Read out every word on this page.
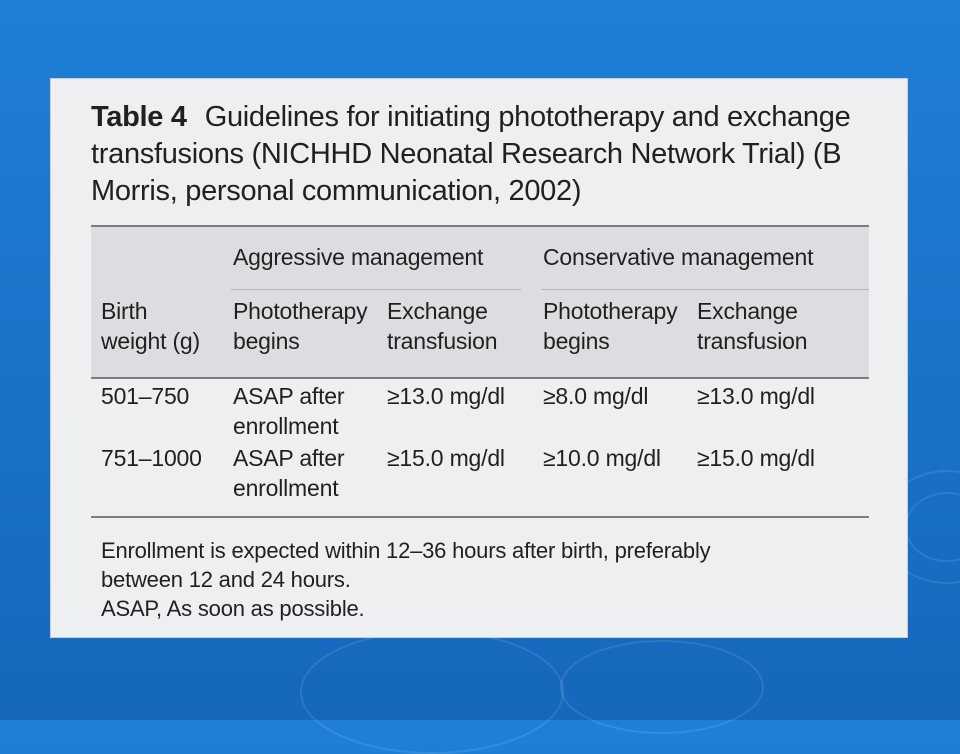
Table 4 Guidelines for initiating phototherapy and exchange transfusions (NICHHD Neonatal Research Network Trial) (B Morris, personal communication, 2002)
Aggressive management	Conservative management
Birth
weight (g)
Phototherapy
begins
Exchange
transfusion
Phototherapy
begins
Exchange
transfusion
501–750 ASAP after
enrollment
≥13.0 mg/dl ≥8.0 mg/dl ≥13.0 mg/dl
751–1000 ASAP after
enrollment
≥15.0 mg/dl ≥10.0 mg/dl ≥15.0 mg/dl
Enrollment is expected within 12–36 hours after birth, preferably
between 12 and 24 hours.
ASAP, As soon as possible.
